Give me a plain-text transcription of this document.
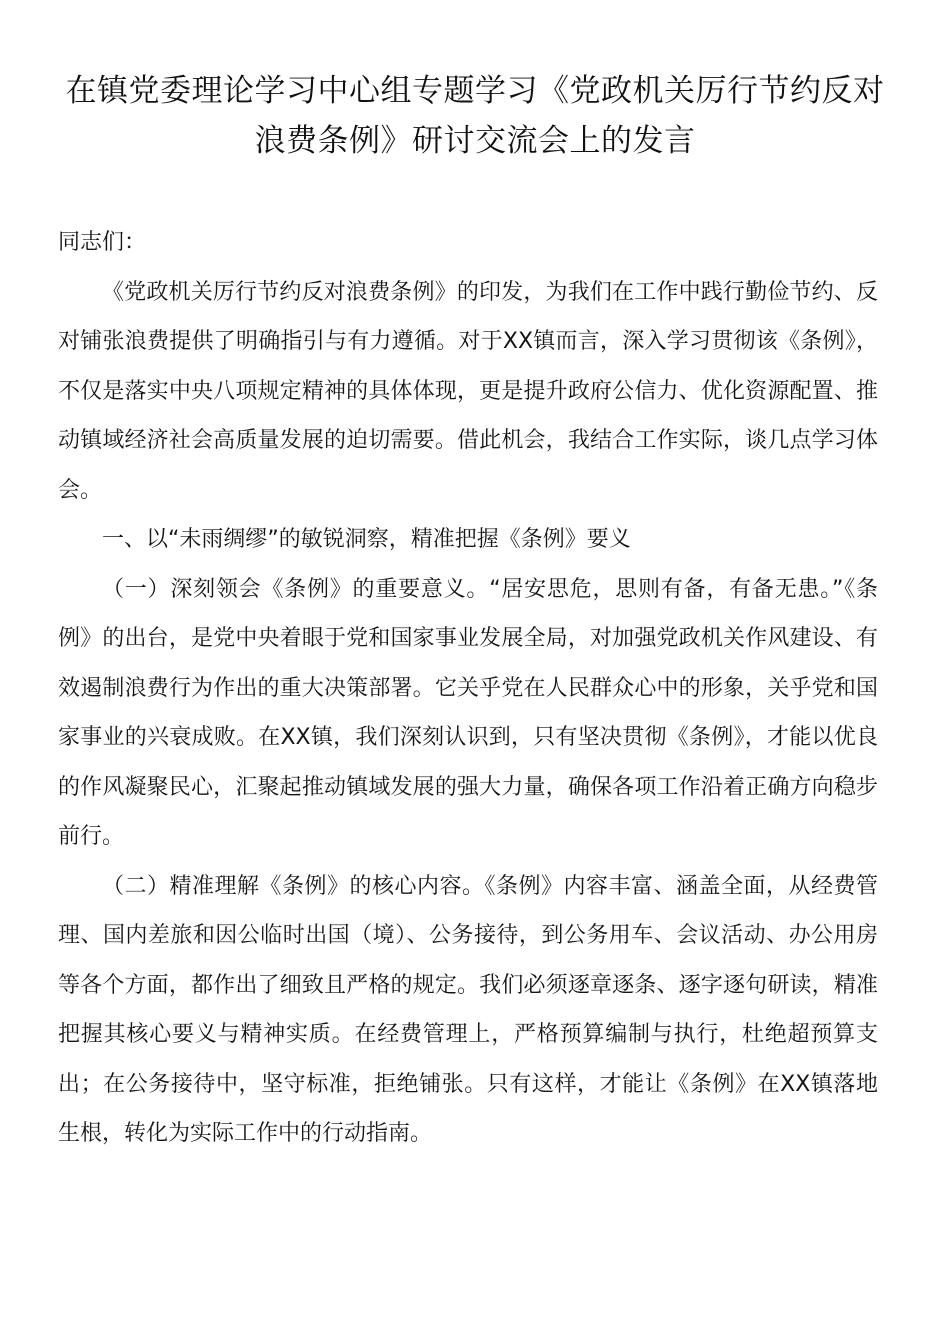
在镇党委理论学习中心组专题学习《党政机关厉行节约反对浪费条例》研讨交流会上的发言

同志们：

《党政机关厉行节约反对浪费条例》的印发，为我们在工作中践行勤俭节约、反对铺张浪费提供了明确指引与有力遵循。对于XX镇而言，深入学习贯彻该《条例》，不仅是落实中央八项规定精神的具体体现，更是提升政府公信力、优化资源配置、推动镇域经济社会高质量发展的迫切需要。借此机会，我结合工作实际，谈几点学习体会。

一、以“未雨绸缪”的敏锐洞察，精准把握《条例》要义

（一）深刻领会《条例》的重要意义。“居安思危，思则有备，有备无患。”《条例》的出台，是党中央着眼于党和国家事业发展全局，对加强党政机关作风建设、有效遏制浪费行为作出的重大决策部署。它关乎党在人民群众心中的形象，关乎党和国家事业的兴衰成败。在XX镇，我们深刻认识到，只有坚决贯彻《条例》，才能以优良的作风凝聚民心，汇聚起推动镇域发展的强大力量，确保各项工作沿着正确方向稳步前行。

（二）精准理解《条例》的核心内容。《条例》内容丰富、涵盖全面，从经费管理、国内差旅和因公临时出国（境）、公务接待，到公务用车、会议活动、办公用房等各个方面，都作出了细致且严格的规定。我们必须逐章逐条、逐字逐句研读，精准把握其核心要义与精神实质。在经费管理上，严格预算编制与执行，杜绝超预算支出；在公务接待中，坚守标准，拒绝铺张。只有这样，才能让《条例》在XX镇落地生根，转化为实际工作中的行动指南。
